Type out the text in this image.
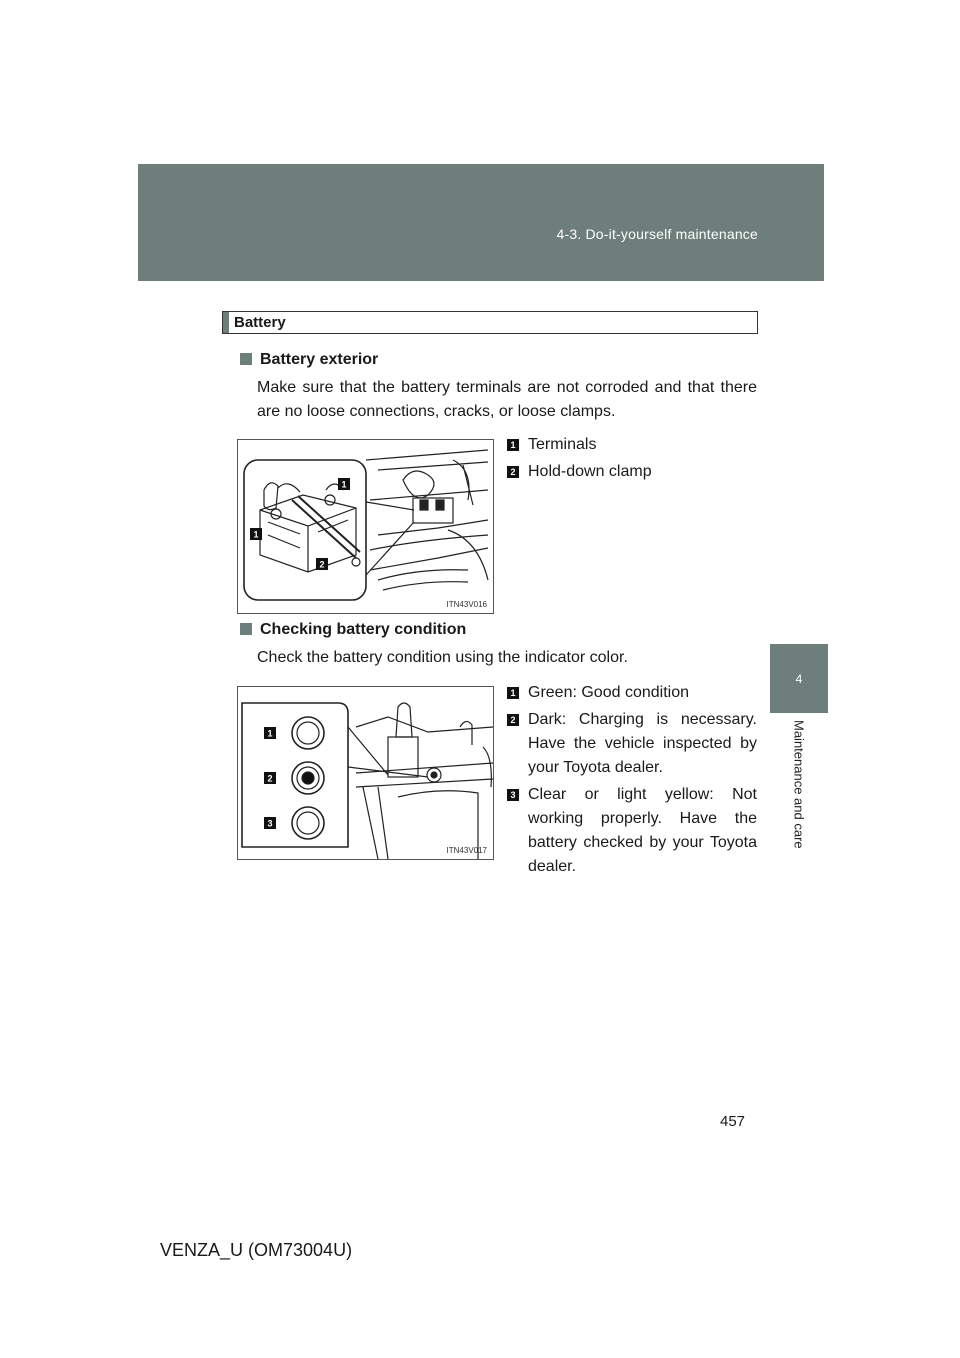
4-3. Do-it-yourself maintenance
4
Maintenance and care
Battery
Battery exterior
Make sure that the battery terminals are not corroded and that there are no loose connections, cracks, or loose clamps.
1
1
2
ITN43V016
1 Terminals
2 Hold-down clamp
Checking battery condition
Check the battery condition using the indicator color.
1
2
3
ITN43V017
1 Green: Good condition
2 Dark: Charging is necessary. Have the vehicle inspected by your Toyota dealer.
3 Clear or light yellow: Not working properly. Have the battery checked by your Toyota dealer.
457
VENZA_U (OM73004U)
